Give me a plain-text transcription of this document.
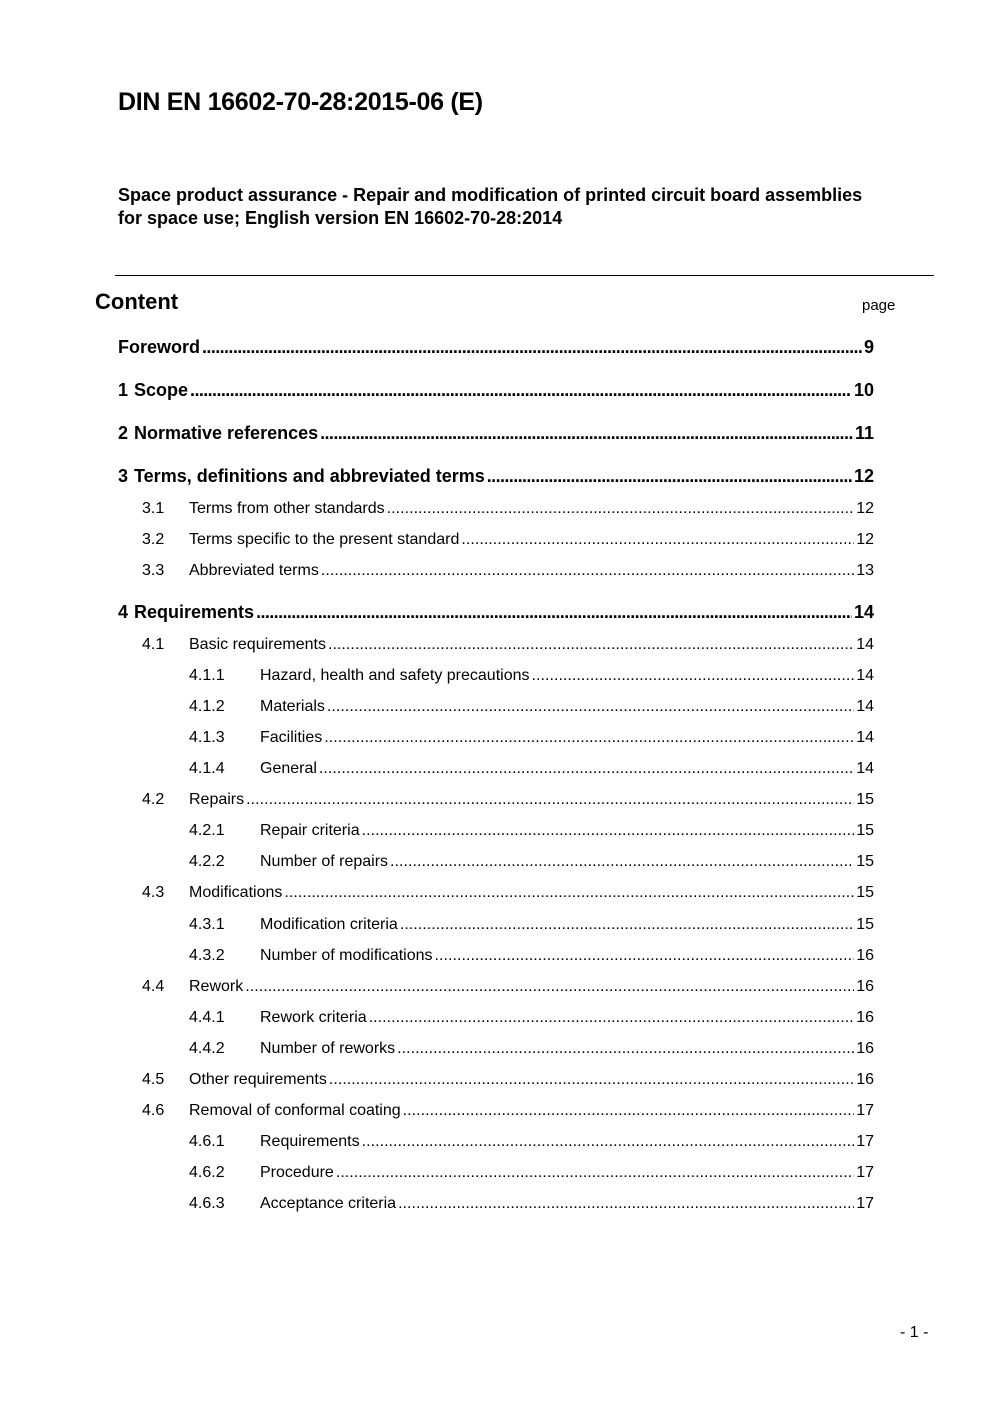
DIN EN 16602-70-28:2015-06 (E)
Space product assurance - Repair and modification of printed circuit board assemblies for space use; English version EN 16602-70-28:2014
Content	page
Foreword . . .	9
1 Scope . . .	10
2 Normative references . . .	11
3 Terms, definitions and abbreviated terms . . .	12
3.1	Terms from other standards . . .	12
3.2	Terms specific to the present standard . . .	12
3.3	Abbreviated terms . . .	13
4 Requirements . . .	14
4.1	Basic requirements . . .	14
4.1.1	Hazard, health and safety precautions . . .	14
4.1.2	Materials . . .	14
4.1.3	Facilities . . .	14
4.1.4	General . . .	14
4.2	Repairs . . .	15
4.2.1	Repair criteria . . .	15
4.2.2	Number of repairs . . .	15
4.3	Modifications . . .	15
4.3.1	Modification criteria . . .	15
4.3.2	Number of modifications . . .	16
4.4	Rework . . .	16
4.4.1	Rework criteria . . .	16
4.4.2	Number of reworks . . .	16
4.5	Other requirements . . .	16
4.6	Removal of conformal coating . . .	17
4.6.1	Requirements . . .	17
4.6.2	Procedure . . .	17
4.6.3	Acceptance criteria . . .	17
- 1 -
